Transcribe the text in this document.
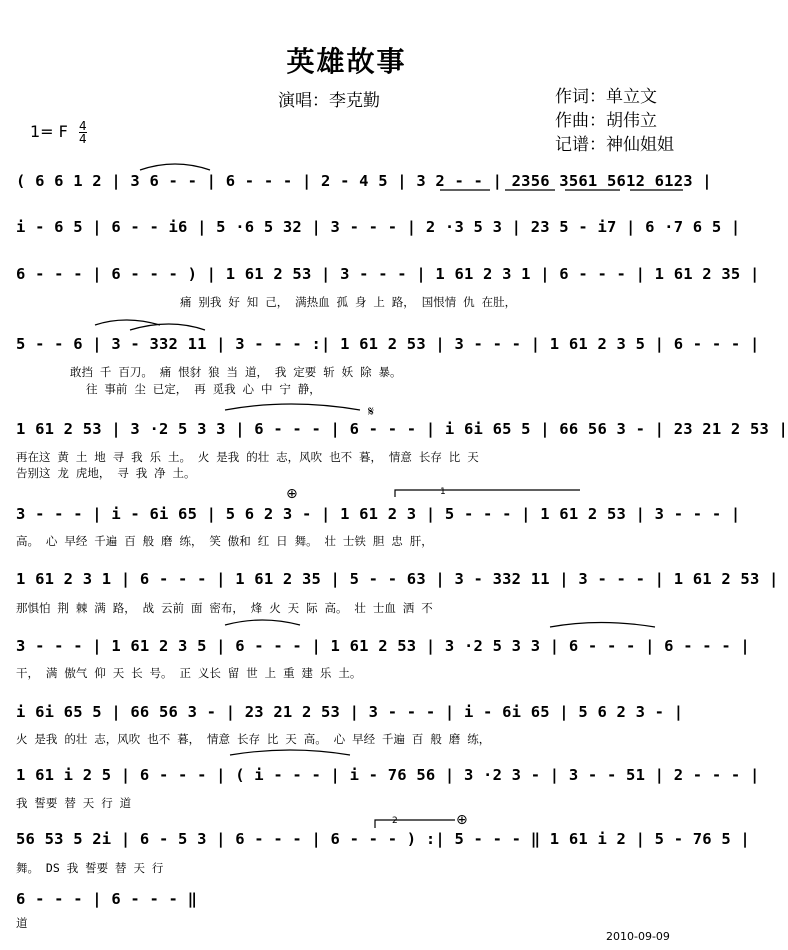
英雄故事
演唱：李克勤	作词：单立文
作曲：胡伟立
记谱：神仙姐姐
1= F $\frac{4}{4}$
( 6 6 1 2 | 3 6 - - | 6 - - - | 2 - 4 5 | 3 2 - - | 2356 3561 5612 6123 |
i - 6 5 | 6 - - i6 | 5 ·6 5 32 | 3 - - - | 2 ·3 5 3 | 23 5 - i7 | 6 ·7 6 5 |
6 - - - | 6 - - - ) | 1 61 2 53 | 3 - - - | 1 61 2 3 1 | 6 - - - | 1 61 2 35 |
痛 别我 好 知 己， 满热血 孤 身 上 路， 国恨情 仇 在肚，
5 - - 6 | 3 - 332 11 | 3 - - - :| 1 61 2 53 | 3 - - - | 1 61 2 3 5 | 6 - - - |
敢挡 千 百刀。 痛 恨豺 狼 当 道， 我 定要 斩 妖 除 暴。
往 事前 尘 已定， 再 觅我 心 中 宁 静，
1 61 2 53 | 3 ·2 5 3 3 | 6 - - - | 6 - - - | i 6i 65 5 | 66 56 3 - | 23 21 2 53 |
再在这 黄 土 地 寻 我 乐 土。 火 是我 的壮 志，风吹 也不 暮， 情意 长存 比 天
告别这 龙 虎地， 寻 我 净 土。
3 - - - | i - 6i 65 | 5 6 2 3 - | 1 61 2 3 | 5 - - - | 1 61 2 53 | 3 - - - |
高。 心 早经 千遍 百 般 磨 练， 笑 傲和 红 日 舞。 壮 士铁 胆 忠 肝，
1 61 2 3 1 | 6 - - - | 1 61 2 35 | 5 - - 63 | 3 - 332 11 | 3 - - - | 1 61 2 53 |
那惧怕 荆 棘 满 路， 战 云前 面 密布， 烽 火 天 际 高。 壮 士血 洒 不
3 - - - | 1 61 2 3 5 | 6 - - - | 1 61 2 53 | 3 ·2 5 3 3 | 6 - - - | 6 - - - |
干， 满 傲气 仰 天 长 号。 正 义长 留 世 上 重 建 乐 土。
i 6i 65 5 | 66 56 3 - | 23 21 2 53 | 3 - - - | i - 6i 65 | 5 6 2 3 - |
火 是我 的壮 志，风吹 也不 暮， 情意 长存 比 天 高。 心 早经 千遍 百 般 磨 练，
1 61 i 2 5 | 6 - - - | ( i - - - | i - 76 56 | 3 ·2 3 - | 3 - - 51 | 2 - - - |
我 誓要 替 天 行 道
56 53 5 2i | 6 - 5 3 | 6 - - - | 6 - - - ) :| 5 - - - ‖ 1 61 i 2 | 5 - 76 5 |
舞。 DS 我 誓要 替 天 行
6 - - - | 6 - - - ‖
道
2010-09-09
𝄋
⊕
⊕
1
2
